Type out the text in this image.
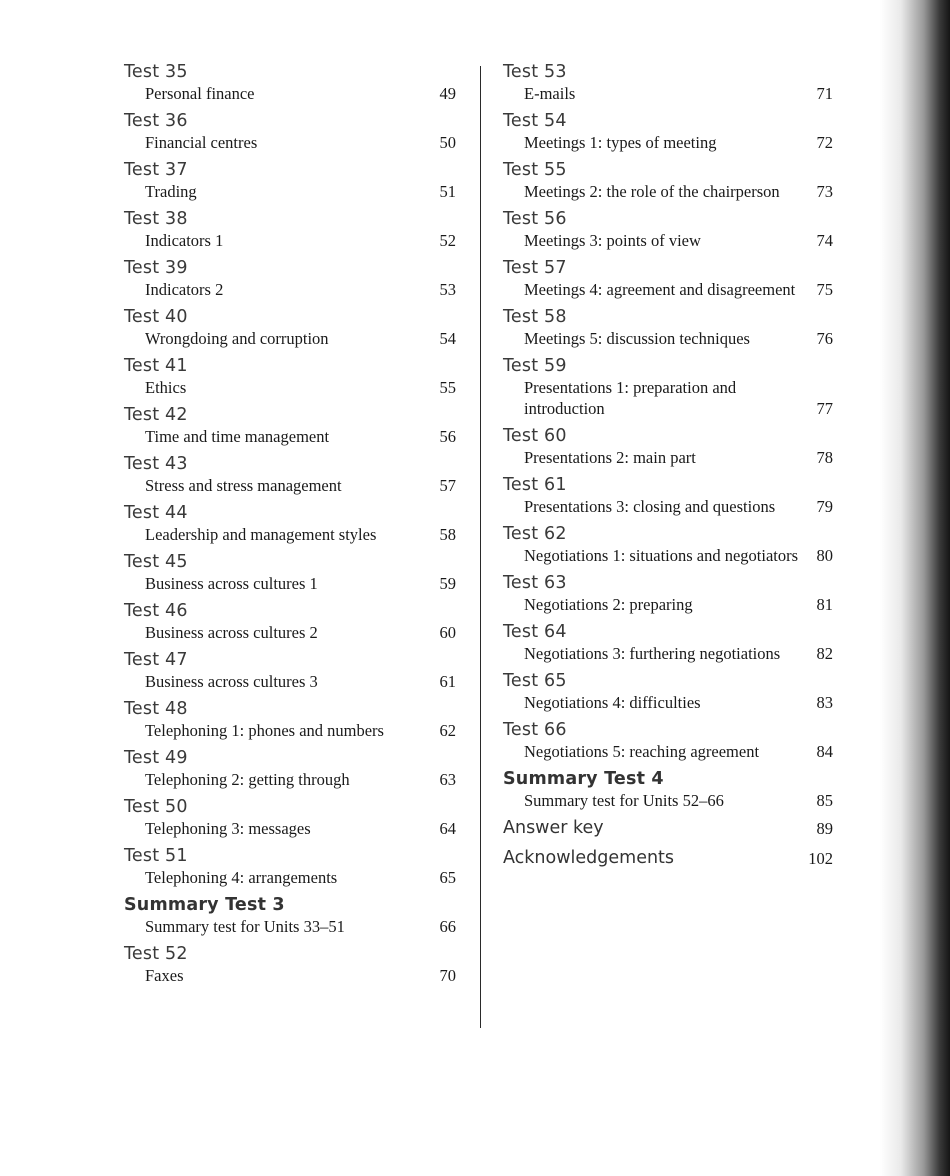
Test 35
Personal finance	49
Test 36
Financial centres	50
Test 37
Trading	51
Test 38
Indicators 1	52
Test 39
Indicators 2	53
Test 40
Wrongdoing and corruption	54
Test 41
Ethics	55
Test 42
Time and time management	56
Test 43
Stress and stress management	57
Test 44
Leadership and management styles	58
Test 45
Business across cultures 1	59
Test 46
Business across cultures 2	60
Test 47
Business across cultures 3	61
Test 48
Telephoning 1: phones and numbers	62
Test 49
Telephoning 2: getting through	63
Test 50
Telephoning 3: messages	64
Test 51
Telephoning 4: arrangements	65
Summary Test 3
Summary test for Units 33–51	66
Test 52
Faxes	70
Test 53
E-mails	71
Test 54
Meetings 1: types of meeting	72
Test 55
Meetings 2: the role of the chairperson	73
Test 56
Meetings 3: points of view	74
Test 57
Meetings 4: agreement and disagreement	75
Test 58
Meetings 5: discussion techniques	76
Test 59
Presentations 1: preparation and introduction	77
Test 60
Presentations 2: main part	78
Test 61
Presentations 3: closing and questions	79
Test 62
Negotiations 1: situations and negotiators	80
Test 63
Negotiations 2: preparing	81
Test 64
Negotiations 3: furthering negotiations	82
Test 65
Negotiations 4: difficulties	83
Test 66
Negotiations 5: reaching agreement	84
Summary Test 4
Summary test for Units 52–66	85
Answer key	89
Acknowledgements	102
